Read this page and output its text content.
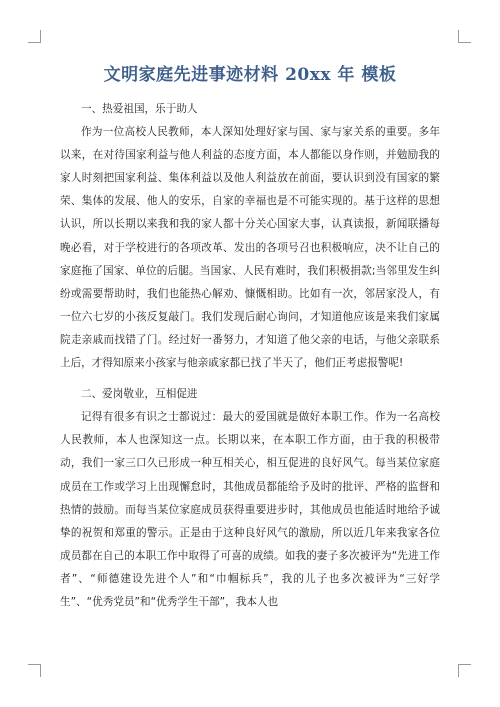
文明家庭先进事迹材料 20xx 年 模板

一、热爱祖国，乐于助人

作为一位高校人民教师，本人深知处理好家与国、家与家关系的重要。多年以来，在对待国家利益与他人利益的态度方面，本人都能以身作则，并勉励我的家人时刻把国家利益、集体利益以及他人利益放在前面，要认识到没有国家的繁荣、集体的发展、他人的安乐，自家的幸福也是不可能实现的。基于这样的思想认识，所以长期以来我和我的家人都十分关心国家大事，认真读报，新闻联播每晚必看，对于学校进行的各项改革、发出的各项号召也积极响应，决不让自己的家庭拖了国家、单位的后腿。当国家、人民有难时，我们积极捐款;当邻里发生纠纷或需要帮助时，我们也能热心解劝、慷慨相助。比如有一次，邻居家没人，有一位六七岁的小孩反复敲门。我们发现后耐心询问，才知道他应该是来我们家属院走亲戚而找错了门。经过好一番努力，才知道了他父亲的电话，与他父亲联系上后，才得知原来小孩家与他亲戚家都已找了半天了，他们正考虑报警呢!

二、爱岗敬业，互相促进

记得有很多有识之士都说过：最大的爱国就是做好本职工作。作为一名高校人民教师，本人也深知这一点。长期以来，在本职工作方面，由于我的积极带动，我们一家三口久已形成一种互相关心，相互促进的良好风气。每当某位家庭成员在工作或学习上出现懈怠时，其他成员都能给予及时的批评、严格的监督和热情的鼓励。而每当某位家庭成员获得重要进步时，其他成员也能适时地给予诚挚的祝贺和郑重的警示。正是由于这种良好风气的激励，所以近几年来我家各位成员都在自己的本职工作中取得了可喜的成绩。如我的妻子多次被评为“先进工作者”、“师德建设先进个人”和“巾帼标兵”，我的儿子也多次被评为“三好学生”、“优秀党员”和“优秀学生干部”，我本人也
